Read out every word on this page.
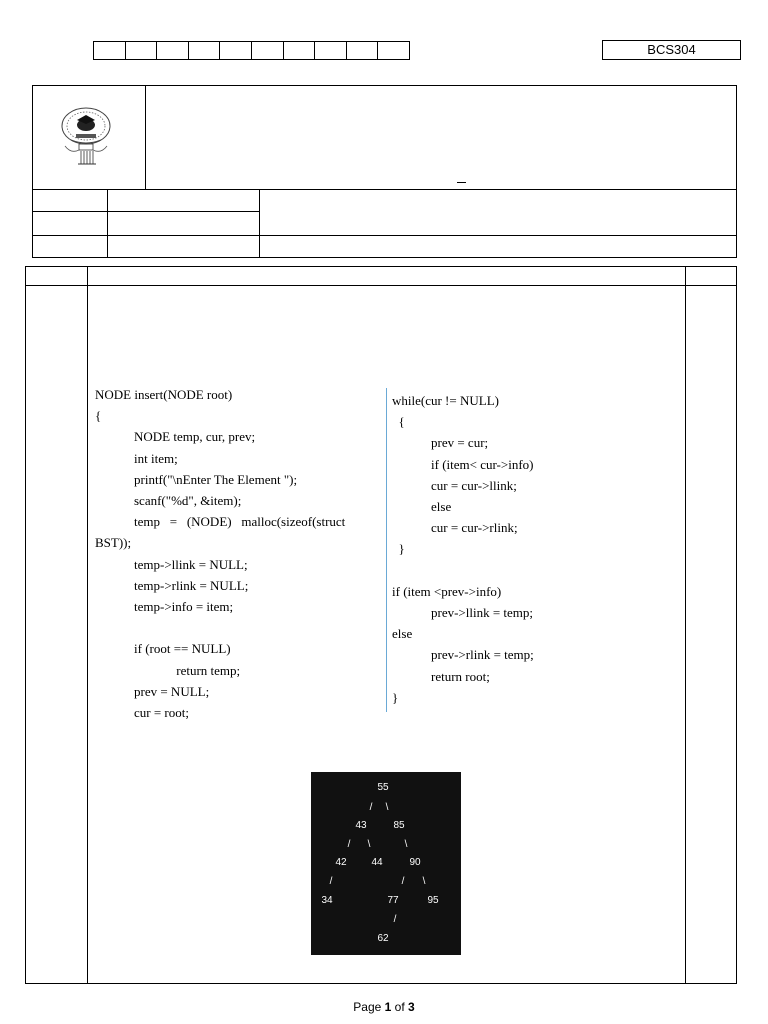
BCS304
NODE insert(NODE root)
{
NODE temp, cur, prev;
int item;
printf("\nEnter The Element ");
scanf("%d", &item);
temp   =   (NODE)   malloc(sizeof(struct
BST));
temp->llink = NULL;
temp->rlink = NULL;
temp->info = item;

if (root == NULL)
return temp;
prev = NULL;
cur = root;
while(cur != NULL)
{
prev = cur;
if (item< cur->info)
cur = cur->llink;
else
cur = cur->rlink;
}

if (item <prev->info)
prev->llink = temp;
else
prev->rlink = temp;
return root;
}
55
43	85
42 44	90
34	77	95
62
/ \
/ \	\
/
/	\
/
Page 1 of 3
